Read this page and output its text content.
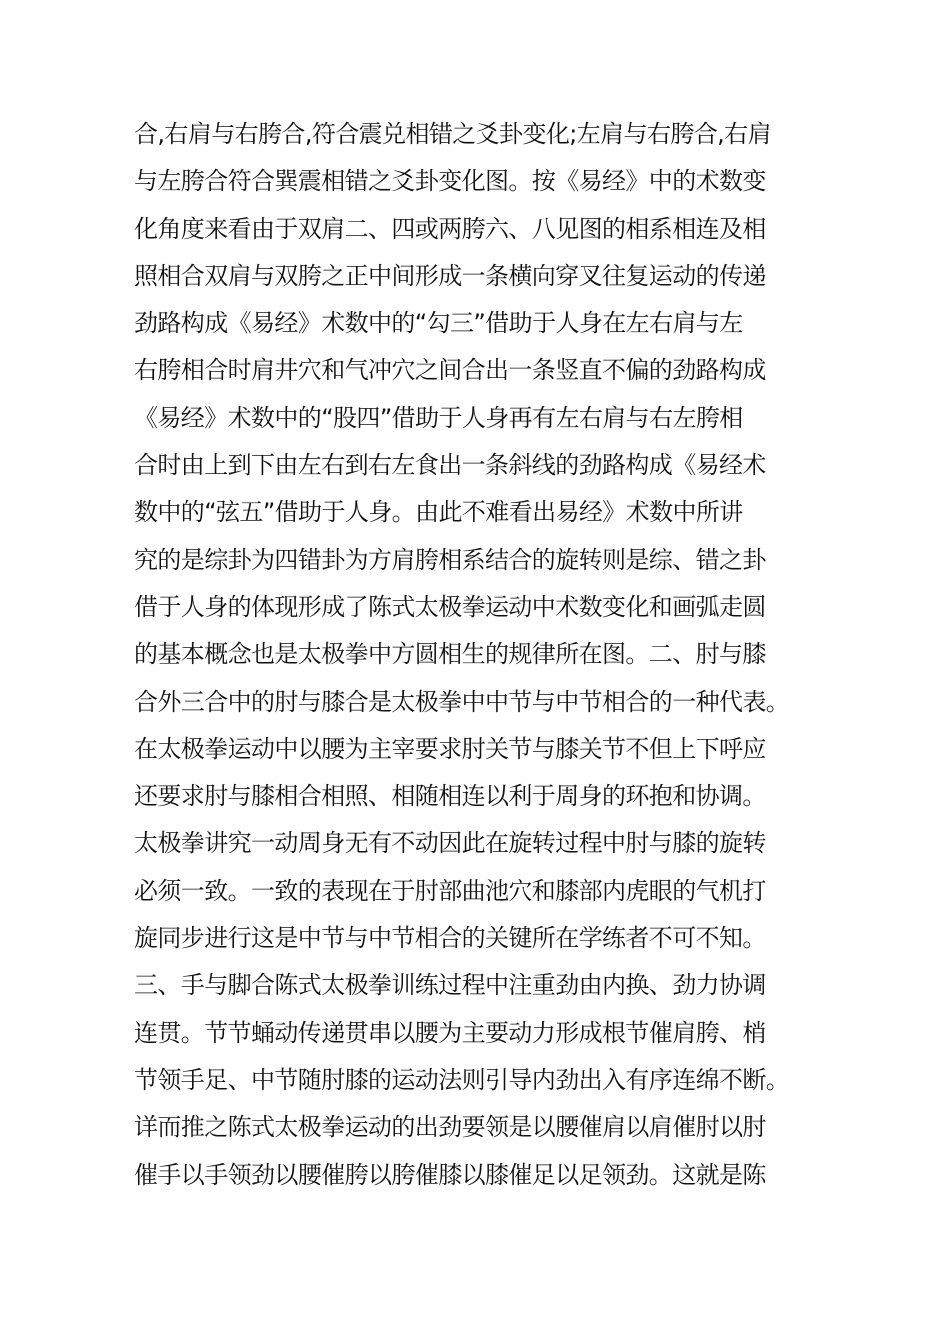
合,右肩与右胯合,符合震兑相错之爻卦变化;左肩与右胯合,右肩
与左胯合符合巽震相错之爻卦变化图。按《易经》中的术数变
化角度来看由于双肩二、四或两胯六、八见图的相系相连及相
照相合双肩与双胯之正中间形成一条横向穿叉往复运动的传递
劲路构成《易经》术数中的“勾三”借助于人身在左右肩与左
右胯相合时肩井穴和气冲穴之间合出一条竖直不偏的劲路构成
《易经》术数中的“股四”借助于人身再有左右肩与右左胯相
合时由上到下由左右到右左食出一条斜线的劲路构成《易经术
数中的“弦五”借助于人身。由此不难看出易经》术数中所讲
究的是综卦为四错卦为方肩胯相系结合的旋转则是综、错之卦
借于人身的体现形成了陈式太极拳运动中术数变化和画弧走圆
的基本概念也是太极拳中方圆相生的规律所在图。二、肘与膝
合外三合中的肘与膝合是太极拳中中节与中节相合的一种代表。
在太极拳运动中以腰为主宰要求肘关节与膝关节不但上下呼应
还要求肘与膝相合相照、相随相连以利于周身的环抱和协调。
太极拳讲究一动周身无有不动因此在旋转过程中肘与膝的旋转
必须一致。一致的表现在于肘部曲池穴和膝部内虎眼的气机打
旋同步进行这是中节与中节相合的关键所在学练者不可不知。
三、手与脚合陈式太极拳训练过程中注重劲由内换、劲力协调
连贯。节节蛹动传递贯串以腰为主要动力形成根节催肩胯、梢
节领手足、中节随肘膝的运动法则引导内劲出入有序连绵不断。
详而推之陈式太极拳运动的出劲要领是以腰催肩以肩催肘以肘
催手以手领劲以腰催胯以胯催膝以膝催足以足领劲。这就是陈
